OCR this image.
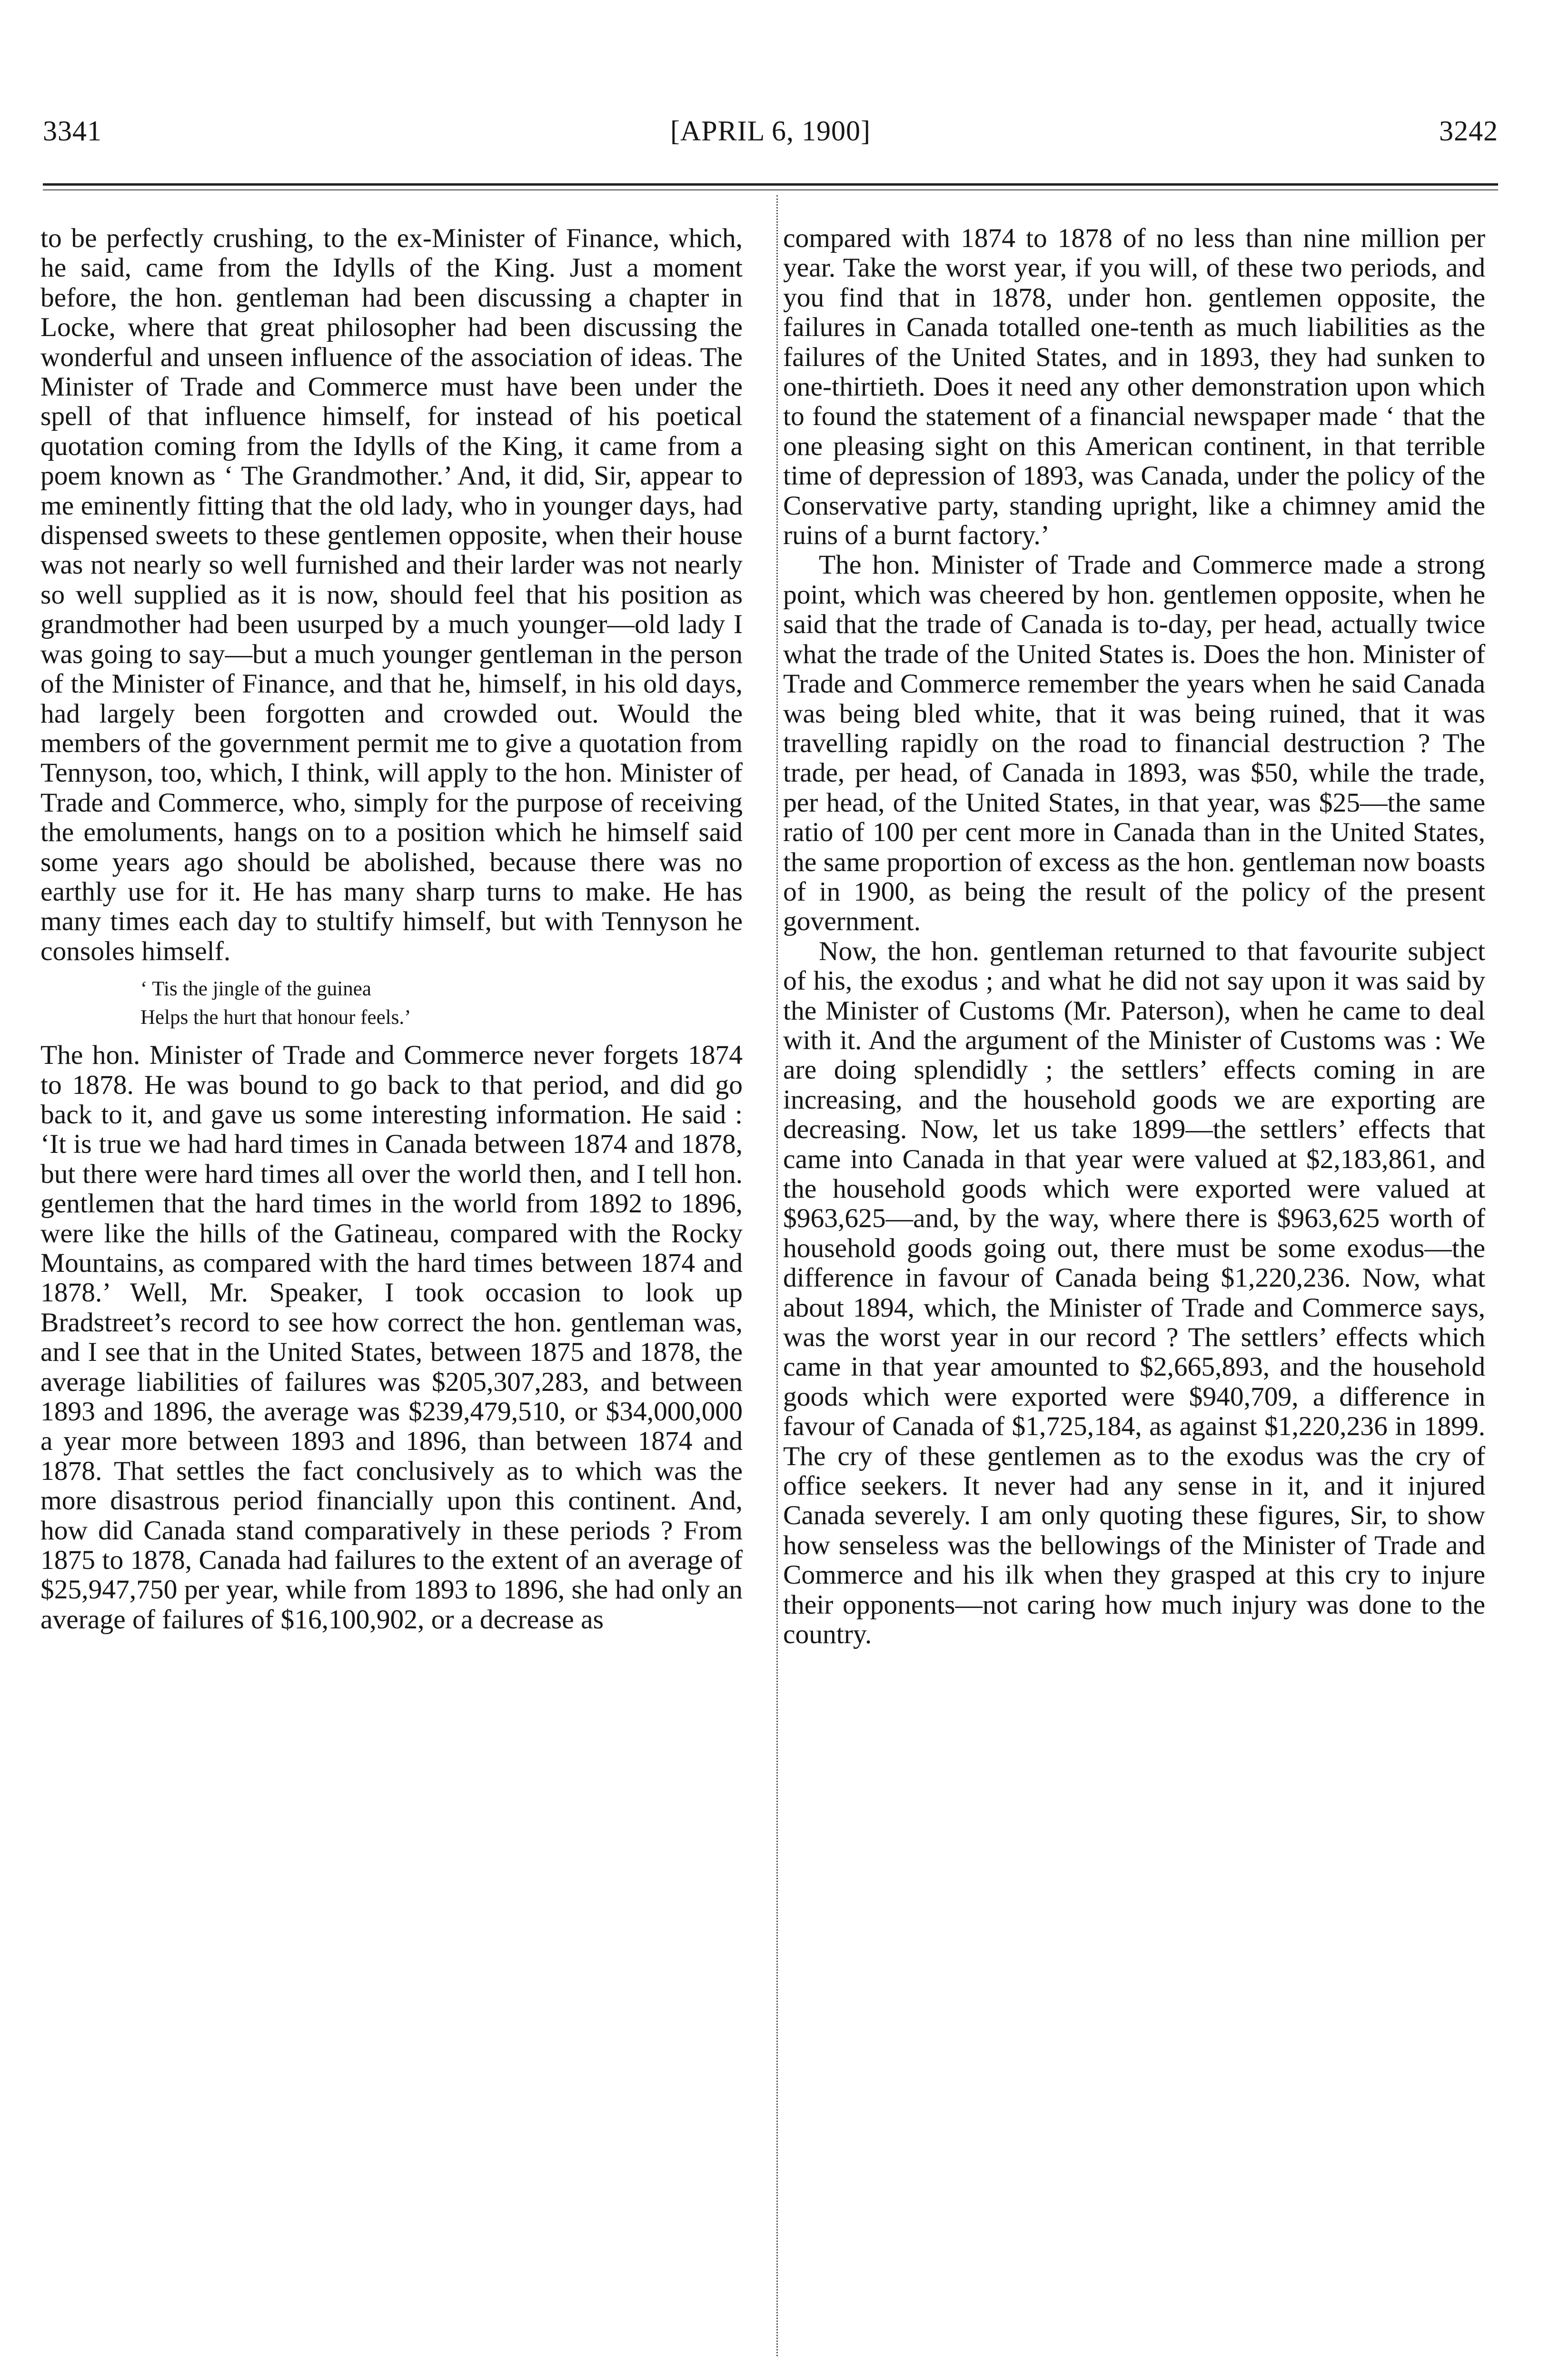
3341	[APRIL 6, 1900]	3242

to be perfectly crushing, to the ex-Minister of Finance, which, he said, came from the Idylls of the King. Just a moment before, the hon. gentleman had been discussing a chapter in Locke, where that great philosopher had been discussing the wonderful and unseen influence of the association of ideas. The Minister of Trade and Commerce must have been under the spell of that influence himself, for instead of his poetical quotation coming from the Idylls of the King, it came from a poem known as ‘ The Grandmother.’ And, it did, Sir, appear to me eminently fitting that the old lady, who in younger days, had dispensed sweets to these gentlemen opposite, when their house was not nearly so well furnished and their larder was not nearly so well supplied as it is now, should feel that his position as grandmother had been usurped by a much younger—old lady I was going to say—but a much younger gentleman in the person of the Minister of Finance, and that he, himself, in his old days, had largely been forgotten and crowded out. Would the members of the government permit me to give a quotation from Tennyson, too, which, I think, will apply to the hon. Minister of Trade and Commerce, who, simply for the purpose of receiving the emoluments, hangs on to a position which he himself said some years ago should be abolished, because there was no earthly use for it. He has many sharp turns to make. He has many times each day to stultify himself, but with Tennyson he consoles himself.

‘ Tis the jingle of the guinea
Helps the hurt that honour feels.’

The hon. Minister of Trade and Commerce never forgets 1874 to 1878. He was bound to go back to that period, and did go back to it, and gave us some interesting information. He said : ‘It is true we had hard times in Canada between 1874 and 1878, but there were hard times all over the world then, and I tell hon. gentlemen that the hard times in the world from 1892 to 1896, were like the hills of the Gatineau, compared with the Rocky Mountains, as compared with the hard times between 1874 and 1878.’ Well, Mr. Speaker, I took occasion to look up Bradstreet’s record to see how correct the hon. gentleman was, and I see that in the United States, between 1875 and 1878, the average liabilities of failures was $205,307,283, and between 1893 and 1896, the average was $239,479,510, or $34,000,000 a year more between 1893 and 1896, than between 1874 and 1878. That settles the fact conclusively as to which was the more disastrous period financially upon this continent. And, how did Canada stand comparatively in these periods ? From 1875 to 1878, Canada had failures to the extent of an average of $25,947,750 per year, while from 1893 to 1896, she had only an average of failures of $16,100,902, or a decrease as

compared with 1874 to 1878 of no less than nine million per year. Take the worst year, if you will, of these two periods, and you find that in 1878, under hon. gentlemen opposite, the failures in Canada totalled one-tenth as much liabilities as the failures of the United States, and in 1893, they had sunken to one-thirtieth. Does it need any other demonstration upon which to found the statement of a financial newspaper made ‘ that the one pleasing sight on this American continent, in that terrible time of depression of 1893, was Canada, under the policy of the Conservative party, standing upright, like a chimney amid the ruins of a burnt factory.’

The hon. Minister of Trade and Commerce made a strong point, which was cheered by hon. gentlemen opposite, when he said that the trade of Canada is to-day, per head, actually twice what the trade of the United States is. Does the hon. Minister of Trade and Commerce remember the years when he said Canada was being bled white, that it was being ruined, that it was travelling rapidly on the road to financial destruction ? The trade, per head, of Canada in 1893, was $50, while the trade, per head, of the United States, in that year, was $25—the same ratio of 100 per cent more in Canada than in the United States, the same proportion of excess as the hon. gentleman now boasts of in 1900, as being the result of the policy of the present government.

Now, the hon. gentleman returned to that favourite subject of his, the exodus ; and what he did not say upon it was said by the Minister of Customs (Mr. Paterson), when he came to deal with it. And the argument of the Minister of Customs was : We are doing splendidly ; the settlers’ effects coming in are increasing, and the household goods we are exporting are decreasing. Now, let us take 1899—the settlers’ effects that came into Canada in that year were valued at $2,183,861, and the household goods which were exported were valued at $963,625—and, by the way, where there is $963,625 worth of household goods going out, there must be some exodus—the difference in favour of Canada being $1,220,236. Now, what about 1894, which, the Minister of Trade and Commerce says, was the worst year in our record ? The settlers’ effects which came in that year amounted to $2,665,893, and the household goods which were exported were $940,709, a difference in favour of Canada of $1,725,184, as against $1,220,236 in 1899. The cry of these gentlemen as to the exodus was the cry of office seekers. It never had any sense in it, and it injured Canada severely. I am only quoting these figures, Sir, to show how senseless was the bellowings of the Minister of Trade and Commerce and his ilk when they grasped at this cry to injure their opponents—not caring how much injury was done to the country.
